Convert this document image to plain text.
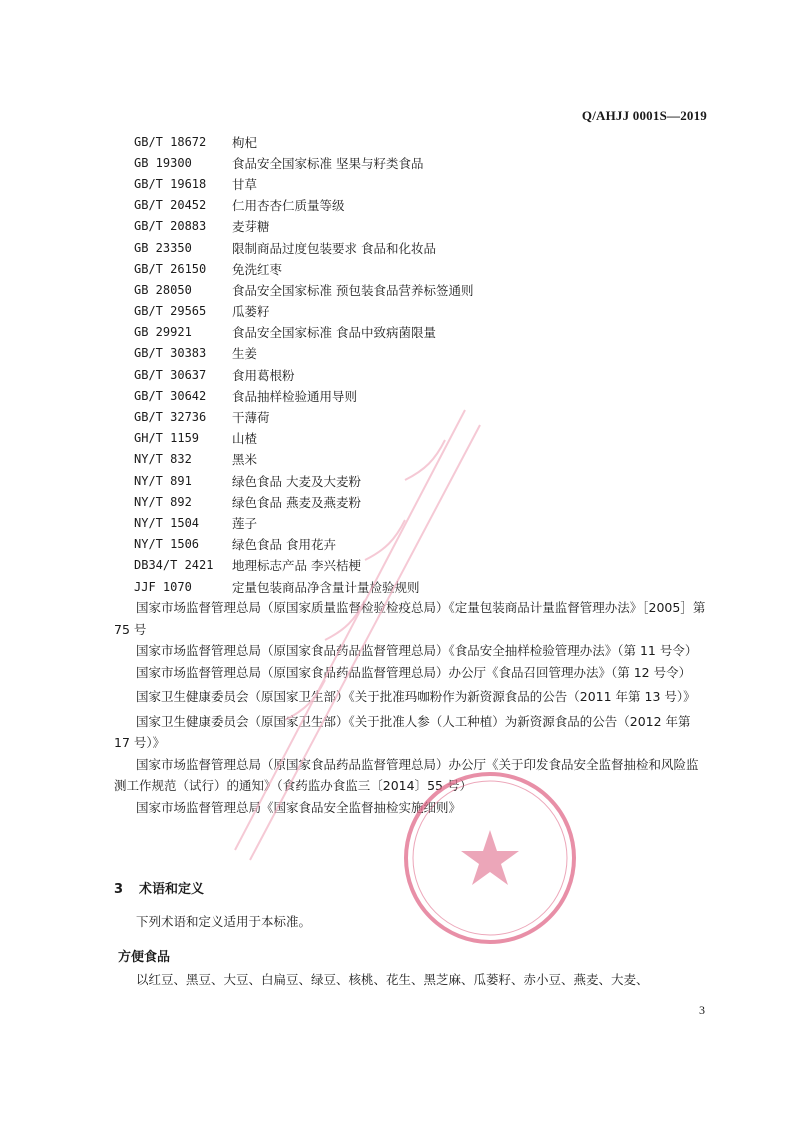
Q/AHJJ 0001S—2019
GB/T 18672	枸杞
GB 19300	食品安全国家标准 坚果与籽类食品
GB/T 19618	甘草
GB/T 20452	仁用杏杏仁质量等级
GB/T 20883	麦芽糖
GB 23350	限制商品过度包装要求 食品和化妆品
GB/T 26150	免洗红枣
GB 28050	食品安全国家标准 预包装食品营养标签通则
GB/T 29565	瓜蒌籽
GB 29921	食品安全国家标准 食品中致病菌限量
GB/T 30383	生姜
GB/T 30637	食用葛根粉
GB/T 30642	食品抽样检验通用导则
GB/T 32736	干薄荷
GH/T 1159	山楂
NY/T 832	黑米
NY/T 891	绿色食品 大麦及大麦粉
NY/T 892	绿色食品 燕麦及燕麦粉
NY/T 1504	莲子
NY/T 1506	绿色食品 食用花卉
DB34/T 2421	地理标志产品 李兴桔梗
JJF 1070	定量包装商品净含量计量检验规则

国家市场监督管理总局（原国家质量监督检验检疫总局）《定量包装商品计量监督管理办法》［2005］第 75 号

国家市场监督管理总局（原国家食品药品监督管理总局）《食品安全抽样检验管理办法》（第 11 号令）

国家市场监督管理总局（原国家食品药品监督管理总局）办公厅《食品召回管理办法》（第 12 号令）

国家卫生健康委员会（原国家卫生部）《关于批准玛咖粉作为新资源食品的公告（2011 年第 13 号）》

国家卫生健康委员会（原国家卫生部）《关于批准人参（人工种植）为新资源食品的公告（2012 年第 17 号）》

国家市场监督管理总局（原国家食品药品监督管理总局）办公厅《关于印发食品安全监督抽检和风险监测工作规范（试行）的通知》（食药监办食监三〔2014〕55 号）

国家市场监督管理总局《国家食品安全监督抽检实施细则》

3 术语和定义
下列术语和定义适用于本标准。
方便食品
以红豆、黑豆、大豆、白扁豆、绿豆、核桃、花生、黑芝麻、瓜蒌籽、赤小豆、燕麦、大麦、
3
